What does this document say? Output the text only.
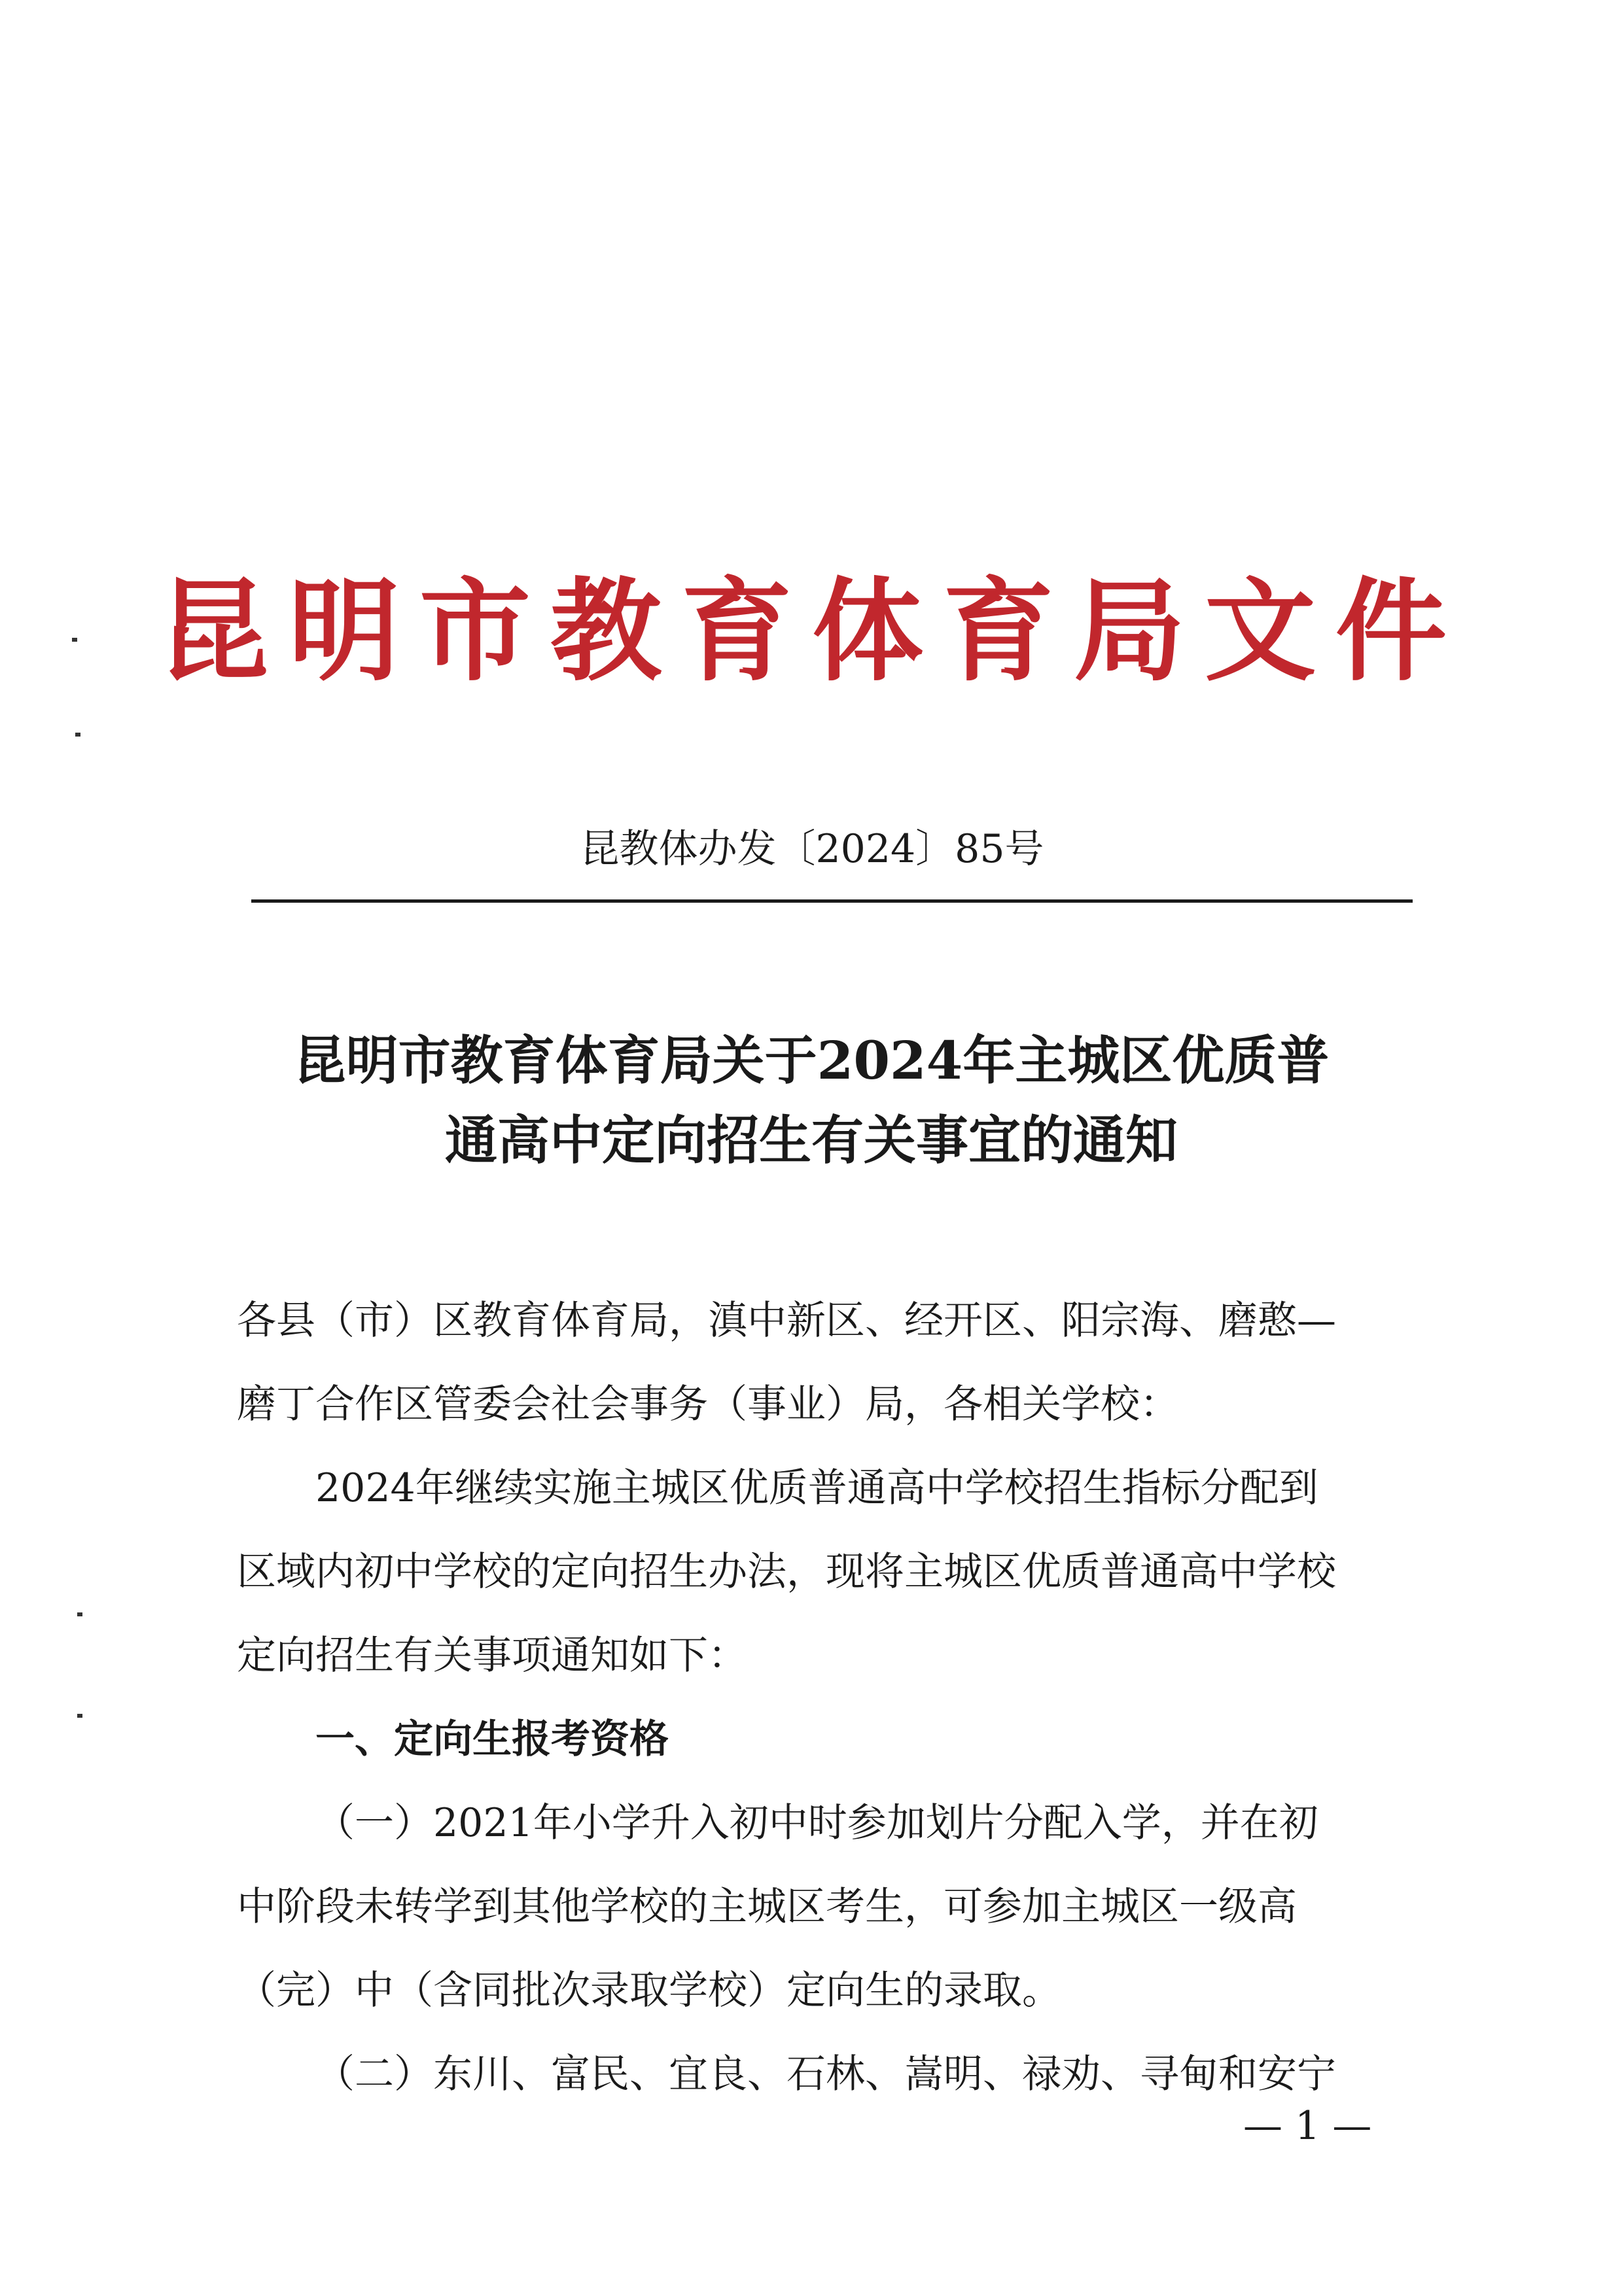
昆明市教育体育局文件
昆教体办发〔2024〕85号
昆明市教育体育局关于2024年主城区优质普
通高中定向招生有关事宜的通知

各县（市）区教育体育局，滇中新区、经开区、阳宗海、磨憨—

磨丁合作区管委会社会事务（事业）局，各相关学校：

2024年继续实施主城区优质普通高中学校招生指标分配到

区域内初中学校的定向招生办法，现将主城区优质普通高中学校

定向招生有关事项通知如下：

一、定向生报考资格

（一）2021年小学升入初中时参加划片分配入学，并在初

中阶段未转学到其他学校的主城区考生，可参加主城区一级高

（完）中（含同批次录取学校）定向生的录取。

（二）东川、富民、宜良、石林、嵩明、禄劝、寻甸和安宁

— 1 —
